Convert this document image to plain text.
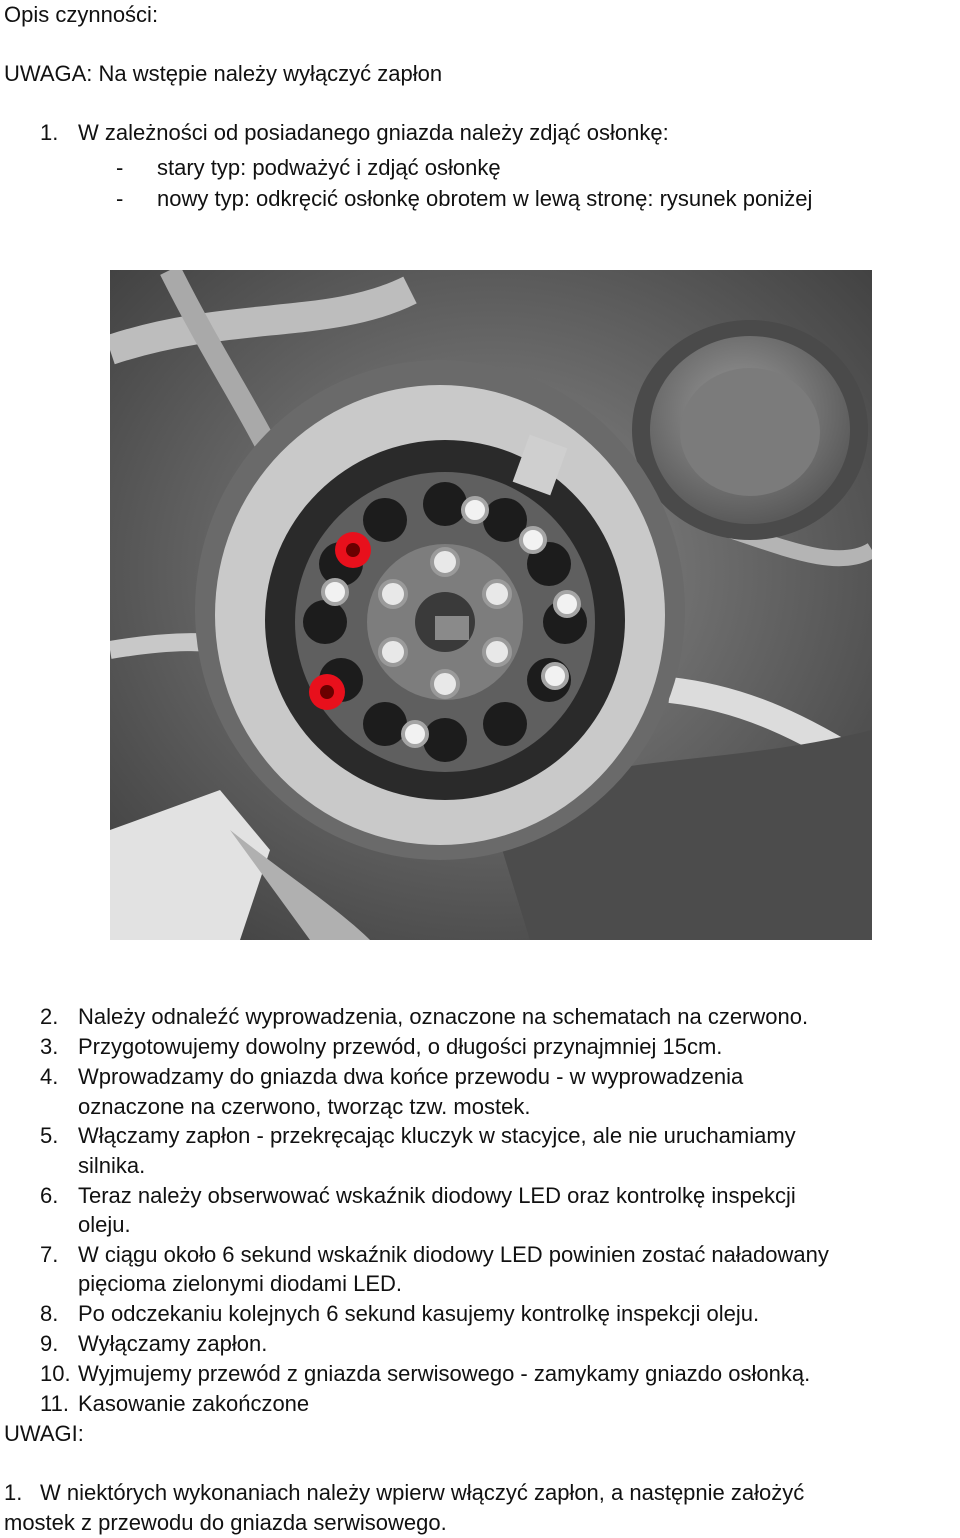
Opis czynności:
UWAGA: Na wstępie należy wyłączyć zapłon
1. W zależności od posiadanego gniazda należy zdjąć osłonkę:
- stary typ: podważyć i zdjąć osłonkę
- nowy typ: odkręcić osłonkę obrotem w lewą stronę: rysunek poniżej
2. Należy odnaleźć wyprowadzenia, oznaczone na schematach na czerwono.
3. Przygotowujemy dowolny przewód, o długości przynajmniej 15cm.
4. Wprowadzamy do gniazda dwa końce przewodu - w wyprowadzenia
oznaczone na czerwono, tworząc tzw. mostek.
5. Włączamy zapłon - przekręcając kluczyk w stacyjce, ale nie uruchamiamy
silnika.
6. Teraz należy obserwować wskaźnik diodowy LED oraz kontrolkę inspekcji
oleju.
7. W ciągu około 6 sekund wskaźnik diodowy LED powinien zostać naładowany
pięcioma zielonymi diodami LED.
8. Po odczekaniu kolejnych 6 sekund kasujemy kontrolkę inspekcji oleju.
9. Wyłączamy zapłon.
10. Wyjmujemy przewód z gniazda serwisowego - zamykamy gniazdo osłonką.
11. Kasowanie zakończone
UWAGI:
1. W niektórych wykonaniach należy wpierw włączyć zapłon, a następnie założyć
mostek z przewodu do gniazda serwisowego.
